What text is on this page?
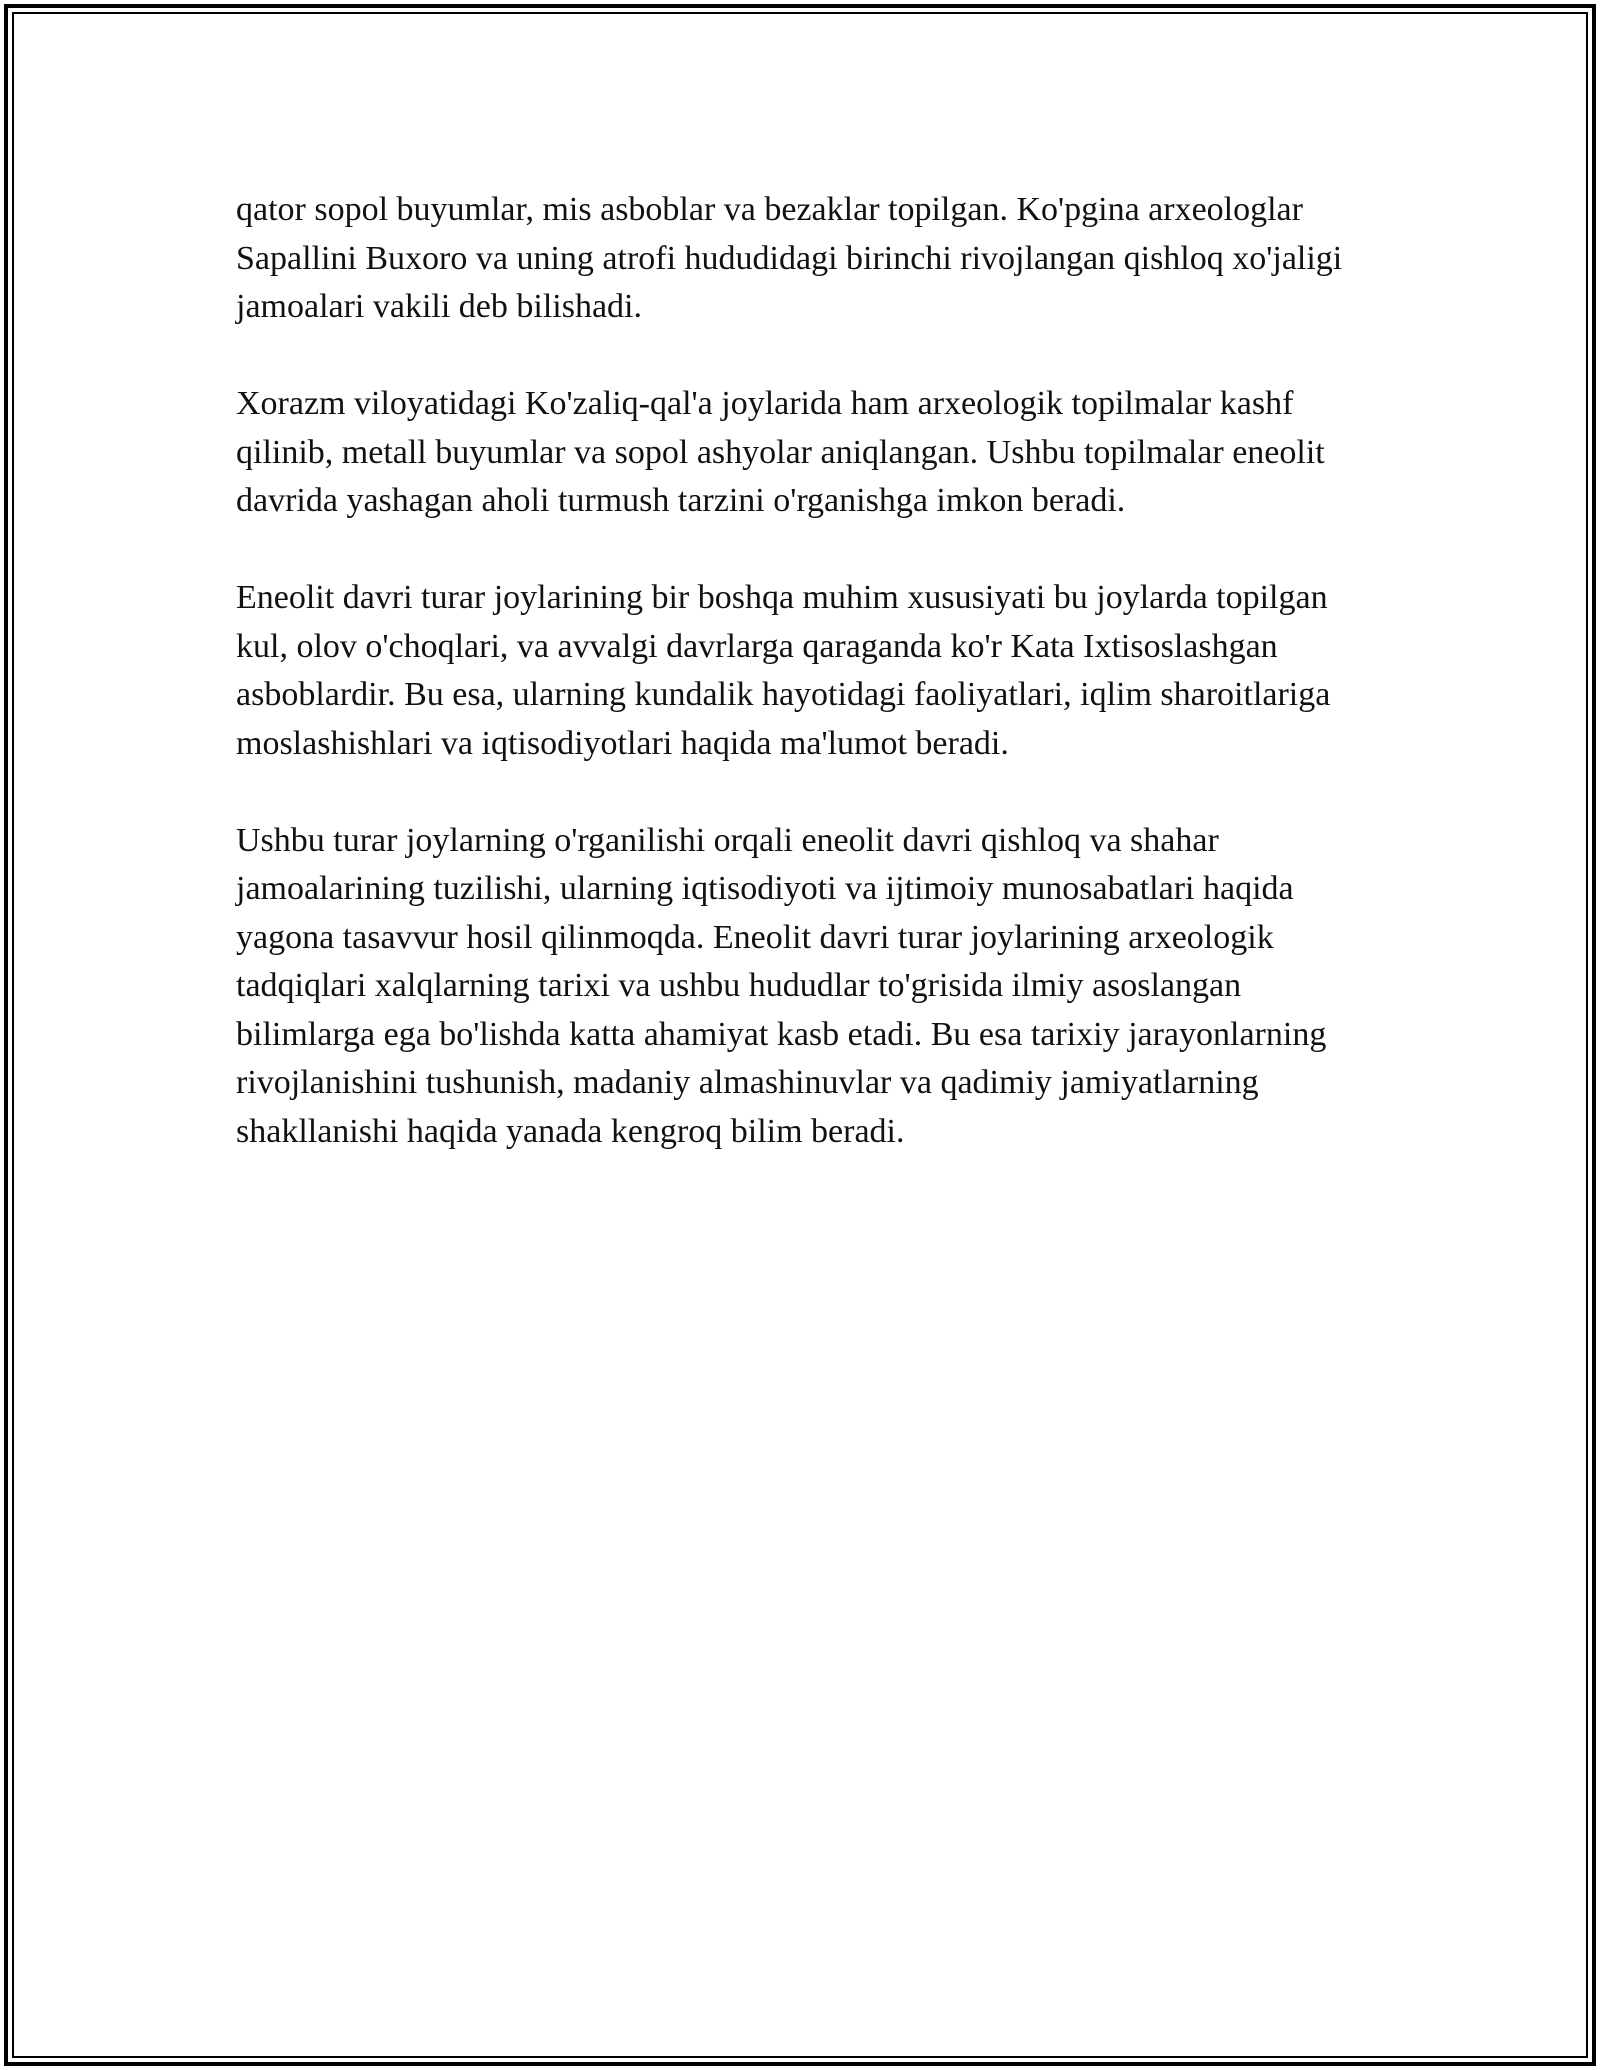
qator sopol buyumlar, mis asboblar va bezaklar topilgan. Ko'pgina arxeologlar Sapallini Buxoro va uning atrofi hududidagi birinchi rivojlangan qishloq xo'jaligi jamoalari vakili deb bilishadi.

Xorazm viloyatidagi Ko'zaliq-qal'a joylarida ham arxeologik topilmalar kashf qilinib, metall buyumlar va sopol ashyolar aniqlangan. Ushbu topilmalar eneolit davrida yashagan aholi turmush tarzini o'rganishga imkon beradi.

Eneolit davri turar joylarining bir boshqa muhim xususiyati bu joylarda topilgan kul, olov o'choqlari, va avvalgi davrlarga qaraganda ko'r Kata Ixtisoslashgan asboblardir. Bu esa, ularning kundalik hayotidagi faoliyatlari, iqlim sharoitlariga moslashishlari va iqtisodiyotlari haqida ma'lumot beradi.

Ushbu turar joylarning o'rganilishi orqali eneolit davri qishloq va shahar jamoalarining tuzilishi, ularning iqtisodiyoti va ijtimoiy munosabatlari haqida yagona tasavvur hosil qilinmoqda. Eneolit davri turar joylarining arxeologik tadqiqlari xalqlarning tarixi va ushbu hududlar to'grisida ilmiy asoslangan bilimlarga ega bo'lishda katta ahamiyat kasb etadi. Bu esa tarixiy jarayonlarning rivojlanishini tushunish, madaniy almashinuvlar va qadimiy jamiyatlarning shakllanishi haqida yanada kengroq bilim beradi.
